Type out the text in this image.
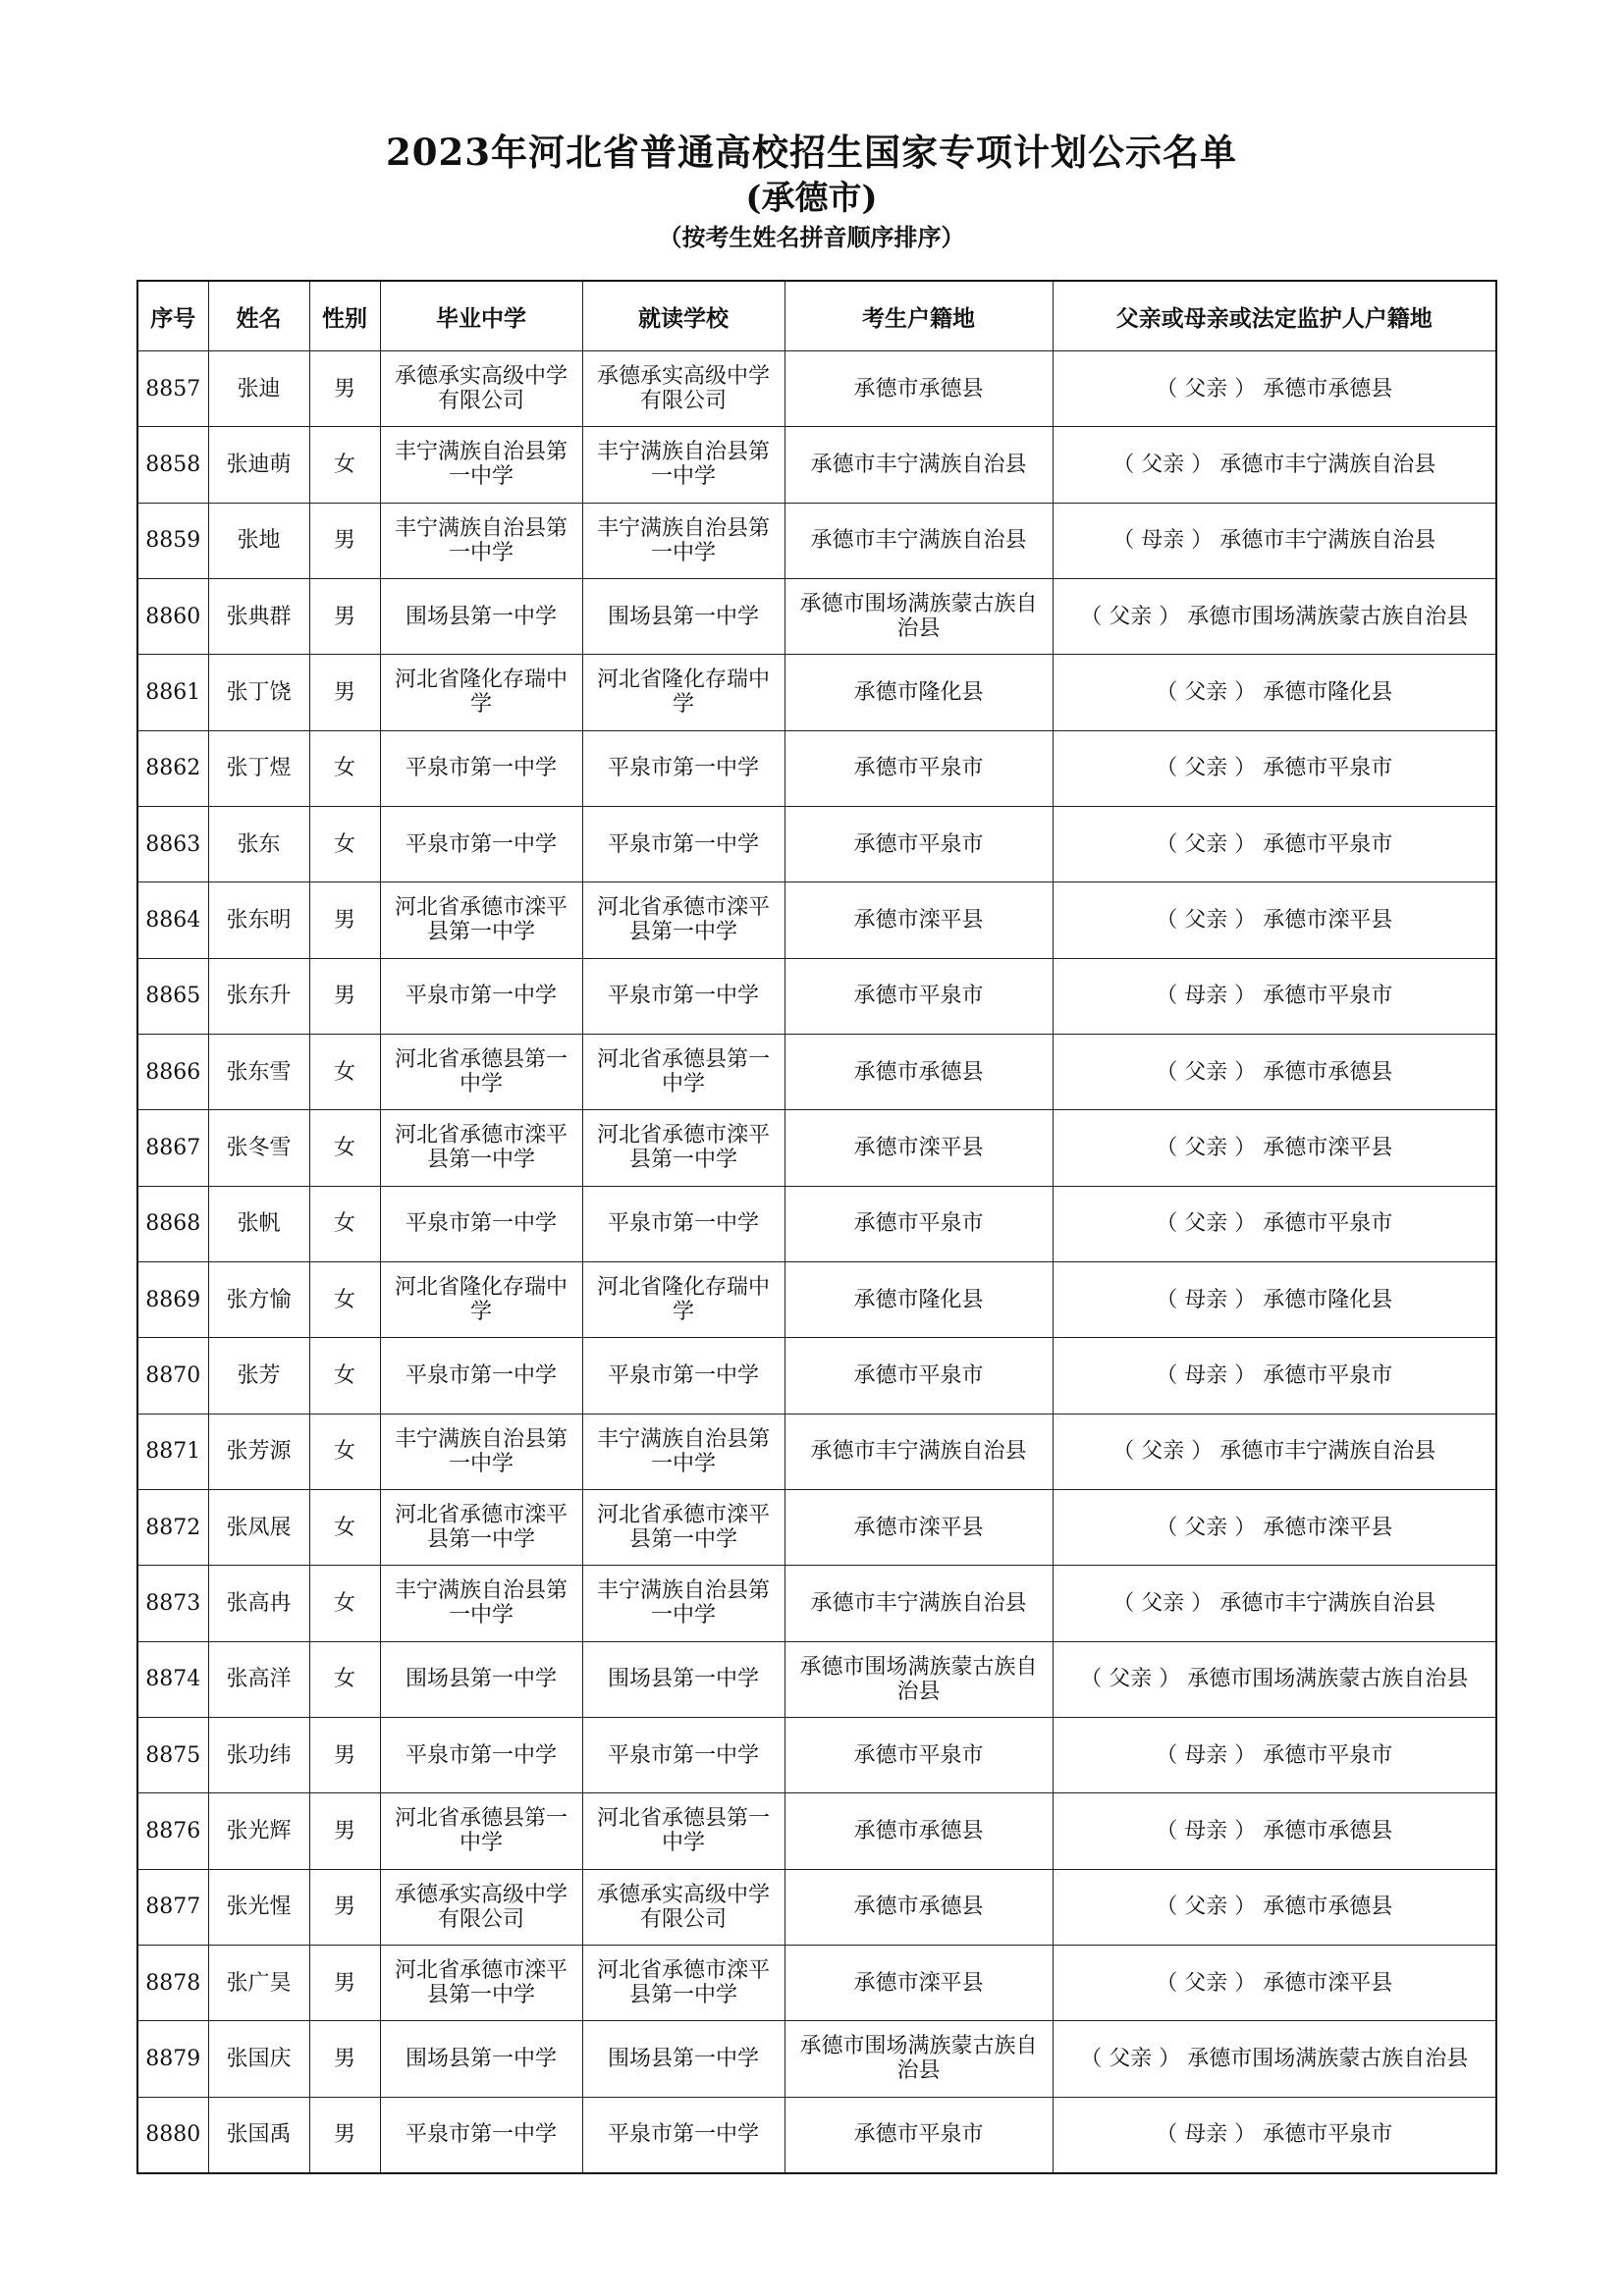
2023年河北省普通高校招生国家专项计划公示名单

(承德市)

（按考生姓名拼音顺序排序）

序号	姓名	性别	毕业中学	就读学校	考生户籍地	父亲或母亲或法定监护人户籍地
8857	张迪	男	承德承实高级中学有限公司	承德承实高级中学有限公司	承德市承德县	（ 父亲 ） 承德市承德县
8858	张迪萌	女	丰宁满族自治县第一中学	丰宁满族自治县第一中学	承德市丰宁满族自治县	（ 父亲 ） 承德市丰宁满族自治县
8859	张地	男	丰宁满族自治县第一中学	丰宁满族自治县第一中学	承德市丰宁满族自治县	（ 母亲 ） 承德市丰宁满族自治县
8860	张典群	男	围场县第一中学	围场县第一中学	承德市围场满族蒙古族自治县	（ 父亲 ） 承德市围场满族蒙古族自治县
8861	张丁饶	男	河北省隆化存瑞中学	河北省隆化存瑞中学	承德市隆化县	（ 父亲 ） 承德市隆化县
8862	张丁煜	女	平泉市第一中学	平泉市第一中学	承德市平泉市	（ 父亲 ） 承德市平泉市
8863	张东	女	平泉市第一中学	平泉市第一中学	承德市平泉市	（ 父亲 ） 承德市平泉市
8864	张东明	男	河北省承德市滦平县第一中学	河北省承德市滦平县第一中学	承德市滦平县	（ 父亲 ） 承德市滦平县
8865	张东升	男	平泉市第一中学	平泉市第一中学	承德市平泉市	（ 母亲 ） 承德市平泉市
8866	张东雪	女	河北省承德县第一中学	河北省承德县第一中学	承德市承德县	（ 父亲 ） 承德市承德县
8867	张冬雪	女	河北省承德市滦平县第一中学	河北省承德市滦平县第一中学	承德市滦平县	（ 父亲 ） 承德市滦平县
8868	张帆	女	平泉市第一中学	平泉市第一中学	承德市平泉市	（ 父亲 ） 承德市平泉市
8869	张方愉	女	河北省隆化存瑞中学	河北省隆化存瑞中学	承德市隆化县	（ 母亲 ） 承德市隆化县
8870	张芳	女	平泉市第一中学	平泉市第一中学	承德市平泉市	（ 母亲 ） 承德市平泉市
8871	张芳源	女	丰宁满族自治县第一中学	丰宁满族自治县第一中学	承德市丰宁满族自治县	（ 父亲 ） 承德市丰宁满族自治县
8872	张凤展	女	河北省承德市滦平县第一中学	河北省承德市滦平县第一中学	承德市滦平县	（ 父亲 ） 承德市滦平县
8873	张高冉	女	丰宁满族自治县第一中学	丰宁满族自治县第一中学	承德市丰宁满族自治县	（ 父亲 ） 承德市丰宁满族自治县
8874	张高洋	女	围场县第一中学	围场县第一中学	承德市围场满族蒙古族自治县	（ 父亲 ） 承德市围场满族蒙古族自治县
8875	张功纬	男	平泉市第一中学	平泉市第一中学	承德市平泉市	（ 母亲 ） 承德市平泉市
8876	张光辉	男	河北省承德县第一中学	河北省承德县第一中学	承德市承德县	（ 母亲 ） 承德市承德县
8877	张光惺	男	承德承实高级中学有限公司	承德承实高级中学有限公司	承德市承德县	（ 父亲 ） 承德市承德县
8878	张广昊	男	河北省承德市滦平县第一中学	河北省承德市滦平县第一中学	承德市滦平县	（ 父亲 ） 承德市滦平县
8879	张国庆	男	围场县第一中学	围场县第一中学	承德市围场满族蒙古族自治县	（ 父亲 ） 承德市围场满族蒙古族自治县
8880	张国禹	男	平泉市第一中学	平泉市第一中学	承德市平泉市	（ 母亲 ） 承德市平泉市
